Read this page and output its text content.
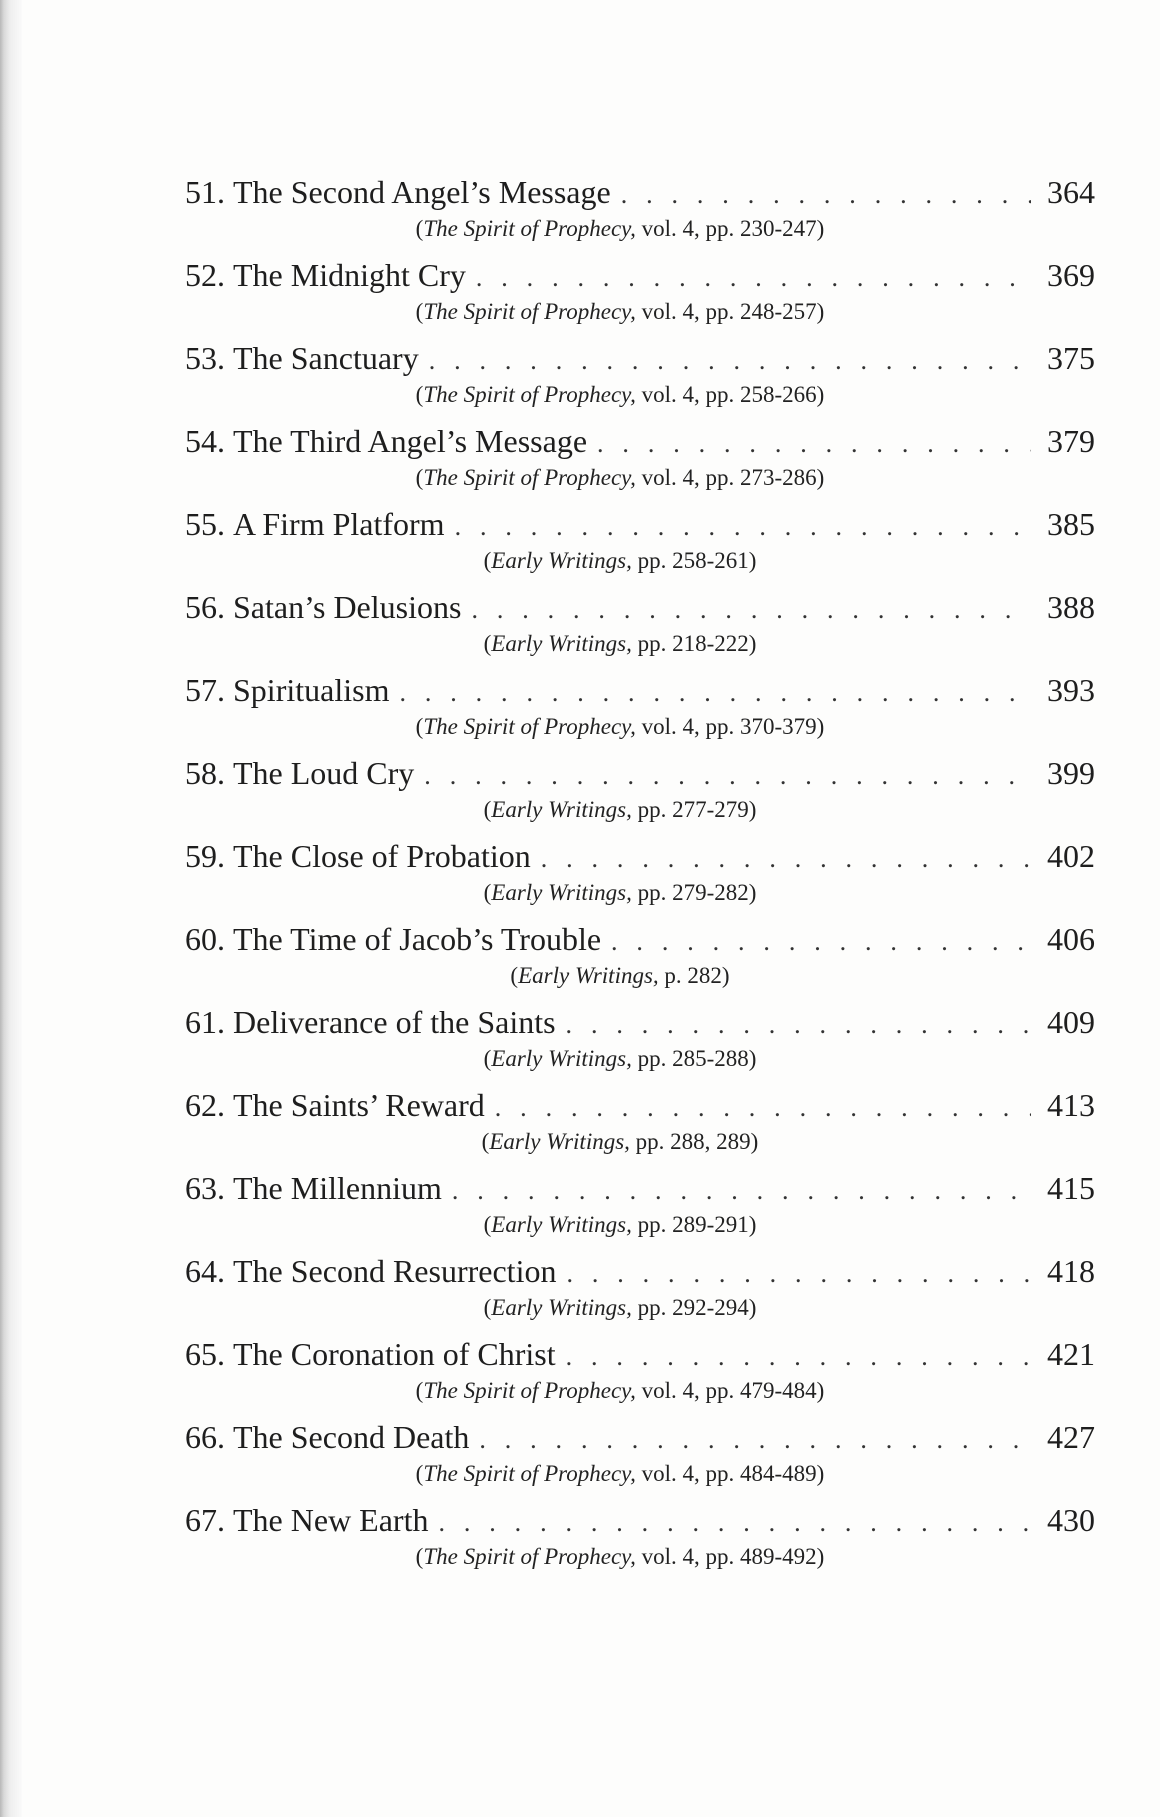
51. The Second Angel’s Message . . .	364
(The Spirit of Prophecy, vol. 4, pp. 230-247)
52. The Midnight Cry . . .	369
(The Spirit of Prophecy, vol. 4, pp. 248-257)
53. The Sanctuary . . .	375
(The Spirit of Prophecy, vol. 4, pp. 258-266)
54. The Third Angel’s Message . . .	379
(The Spirit of Prophecy, vol. 4, pp. 273-286)
55. A Firm Platform . . .	385
(Early Writings, pp. 258-261)
56. Satan’s Delusions . . .	388
(Early Writings, pp. 218-222)
57. Spiritualism . . .	393
(The Spirit of Prophecy, vol. 4, pp. 370-379)
58. The Loud Cry . . .	399
(Early Writings, pp. 277-279)
59. The Close of Probation . . .	402
(Early Writings, pp. 279-282)
60. The Time of Jacob’s Trouble . . .	406
(Early Writings, p. 282)
61. Deliverance of the Saints . . .	409
(Early Writings, pp. 285-288)
62. The Saints’ Reward . . .	413
(Early Writings, pp. 288, 289)
63. The Millennium . . .	415
(Early Writings, pp. 289-291)
64. The Second Resurrection . . .	418
(Early Writings, pp. 292-294)
65. The Coronation of Christ . . .	421
(The Spirit of Prophecy, vol. 4, pp. 479-484)
66. The Second Death . . .	427
(The Spirit of Prophecy, vol. 4, pp. 484-489)
67. The New Earth . . .	430
(The Spirit of Prophecy, vol. 4, pp. 489-492)
